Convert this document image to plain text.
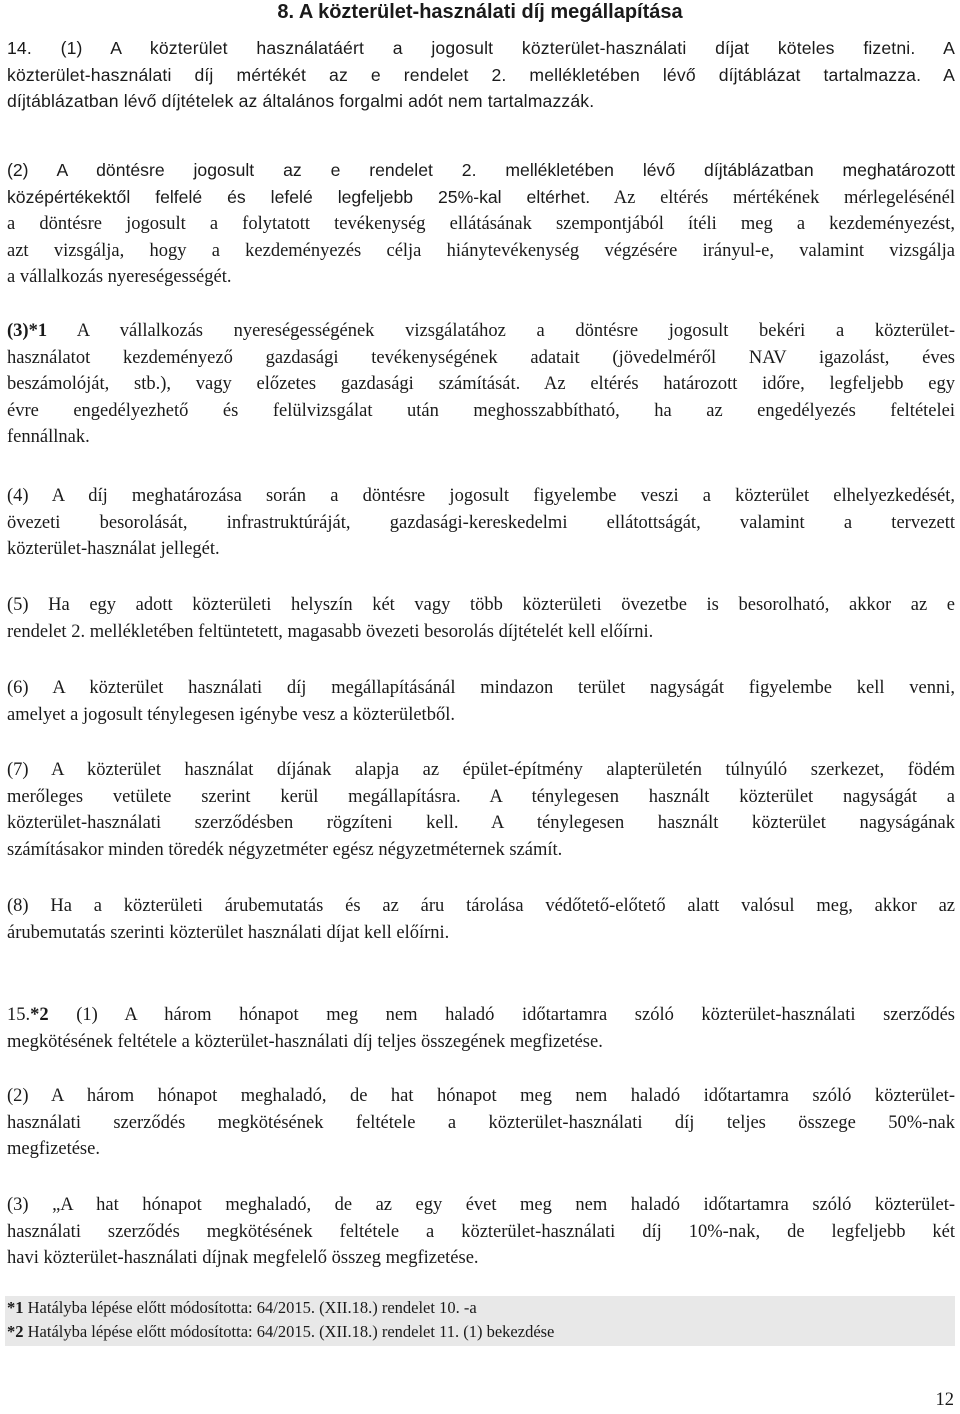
8. A közterület-használati díj megállapítása
14. (1) A közterület használatáért a jogosult közterület-használati díjat köteles fizetni. A
közterület-használati díj mértékét az e rendelet 2. mellékletében lévő díjtáblázat tartalmazza. A
díjtáblázatban lévő díjtételek az általános forgalmi adót nem tartalmazzák.
(2) A döntésre jogosult az e rendelet 2. mellékletében lévő díjtáblázatban meghatározott
középértékektől felfelé és lefelé legfeljebb 25%-kal eltérhet. Az eltérés mértékének mérlegelésénél
a döntésre jogosult a folytatott tevékenység ellátásának szempontjából ítéli meg a kezdeményezést,
azt vizsgálja, hogy a kezdeményezés célja hiánytevékenység végzésére irányul-e, valamint vizsgálja
a vállalkozás nyereségességét.
(3)*1 A vállalkozás nyereségességének vizsgálatához a döntésre jogosult bekéri a közterület-
használatot kezdeményező gazdasági tevékenységének adatait (jövedelméről NAV igazolást, éves
beszámolóját, stb.), vagy előzetes gazdasági számítását. Az eltérés határozott időre, legfeljebb egy
évre engedélyezhető és felülvizsgálat után meghosszabbítható, ha az engedélyezés feltételei
fennállnak.
(4) A díj meghatározása során a döntésre jogosult figyelembe veszi a közterület elhelyezkedését,
övezeti besorolását, infrastruktúráját, gazdasági-kereskedelmi ellátottságát, valamint a tervezett
közterület-használat jellegét.
(5) Ha egy adott közterületi helyszín két vagy több közterületi övezetbe is besorolható, akkor az e
rendelet 2. mellékletében feltüntetett, magasabb övezeti besorolás díjtételét kell előírni.
(6) A közterület használati díj megállapításánál mindazon terület nagyságát figyelembe kell venni,
amelyet a jogosult ténylegesen igénybe vesz a közterületből.
(7) A közterület használat díjának alapja az épület-építmény alapterületén túlnyúló szerkezet, födém
merőleges vetülete szerint kerül megállapításra. A ténylegesen használt közterület nagyságát a
közterület-használati szerződésben rögzíteni kell. A ténylegesen használt közterület nagyságának
számításakor minden töredék négyzetméter egész négyzetméternek számít.
(8) Ha a közterületi árubemutatás és az áru tárolása védőtető-előtető alatt valósul meg, akkor az
árubemutatás szerinti közterület használati díjat kell előírni.
15.*2 (1) A három hónapot meg nem haladó időtartamra szóló közterület-használati szerződés
megkötésének feltétele a közterület-használati díj teljes összegének megfizetése.
(2) A három hónapot meghaladó, de hat hónapot meg nem haladó időtartamra szóló közterület-
használati szerződés megkötésének feltétele a közterület-használati díj teljes összege 50%-nak
megfizetése.
(3) „A hat hónapot meghaladó, de az egy évet meg nem haladó időtartamra szóló közterület-
használati szerződés megkötésének feltétele a közterület-használati díj 10%-nak, de legfeljebb két
havi közterület-használati díjnak megfelelő összeg megfizetése.
*1 Hatályba lépése előtt módosította: 64/2015. (XII.18.) rendelet 10. -a
*2 Hatályba lépése előtt módosította: 64/2015. (XII.18.) rendelet 11. (1) bekezdése
12
